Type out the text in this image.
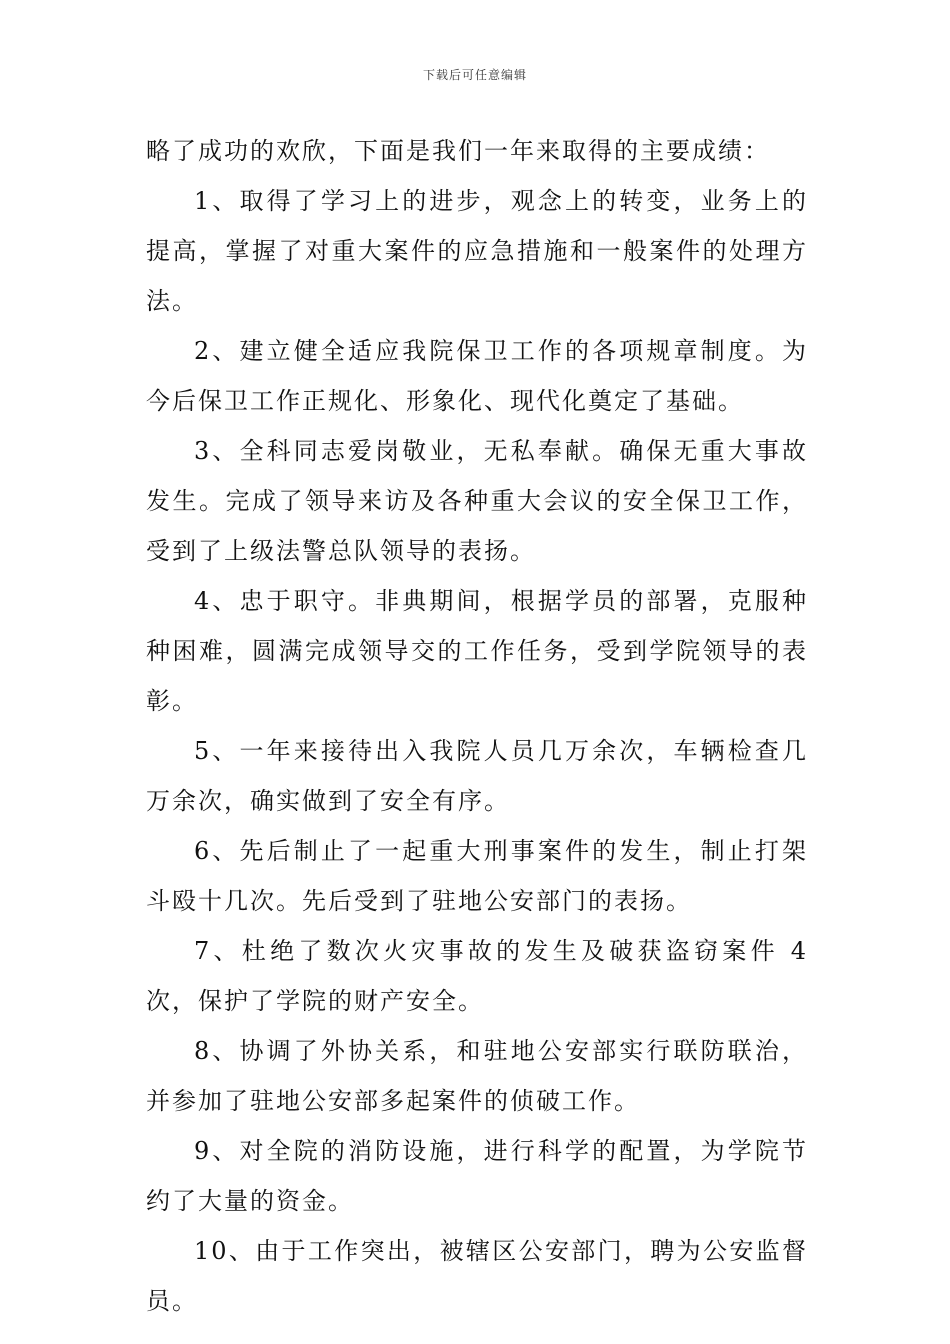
下载后可任意编辑

略了成功的欢欣，下面是我们一年来取得的主要成绩：

1、取得了学习上的进步，观念上的转变，业务上的提高，掌握了对重大案件的应急措施和一般案件的处理方法。

2、建立健全适应我院保卫工作的各项规章制度。为今后保卫工作正规化、形象化、现代化奠定了基础。

3、全科同志爱岗敬业，无私奉献。确保无重大事故发生。完成了领导来访及各种重大会议的安全保卫工作，受到了上级法警总队领导的表扬。

4、忠于职守。非典期间，根据学员的部署，克服种种困难，圆满完成领导交的工作任务，受到学院领导的表彰。

5、一年来接待出入我院人员几万余次，车辆检查几万余次，确实做到了安全有序。

6、先后制止了一起重大刑事案件的发生，制止打架斗殴十几次。先后受到了驻地公安部门的表扬。

7、杜绝了数次火灾事故的发生及破获盗窃案件 4 次，保护了学院的财产安全。

8、协调了外协关系，和驻地公安部实行联防联治，并参加了驻地公安部多起案件的侦破工作。

9、对全院的消防设施，进行科学的配置，为学院节约了大量的资金。

10、由于工作突出，被辖区公安部门，聘为公安监督员。
